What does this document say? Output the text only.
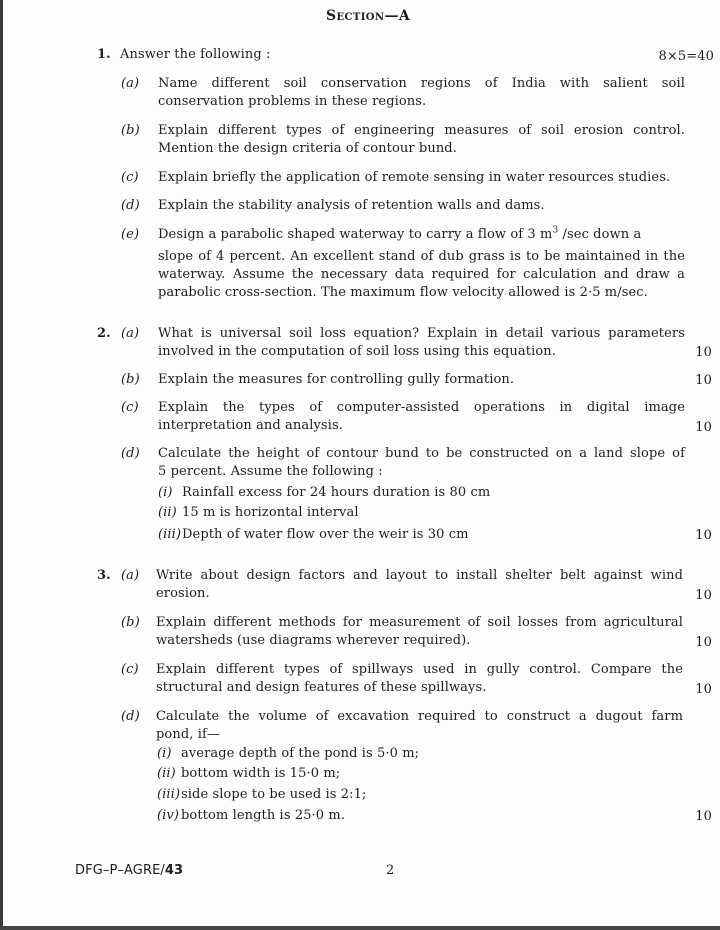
Section—A
1. Answer the following :	8×5=40
(a) Name different soil conservation regions of India with salient soil
conservation problems in these regions.
(b) Explain different types of engineering measures of soil erosion control.
Mention the design criteria of contour bund.
(c) Explain briefly the application of remote sensing in water resources studies.
(d) Explain the stability analysis of retention walls and dams.
(e) Design a parabolic shaped waterway to carry a flow of 3 $m^3$ /sec down a
slope of 4 percent. An excellent stand of dub grass is to be maintained in the
waterway. Assume the necessary data required for calculation and draw a
parabolic cross-section. The maximum flow velocity allowed is 2·5 m/sec.
2. (a) What is universal soil loss equation? Explain in detail various parameters
involved in the computation of soil loss using this equation.	10
(b) Explain the measures for controlling gully formation.	10
(c) Explain the types of computer-assisted operations in digital image
interpretation and analysis.	10
(d) Calculate the height of contour bund to be constructed on a land slope of
5 percent. Assume the following :
(i) Rainfall excess for 24 hours duration is 80 cm
(ii) 15 m is horizontal interval
(iii) Depth of water flow over the weir is 30 cm	10
3. (a) Write about design factors and layout to install shelter belt against wind
erosion.	10
(b) Explain different methods for measurement of soil losses from agricultural
watersheds (use diagrams wherever required).	10
(c) Explain different types of spillways used in gully control. Compare the
structural and design features of these spillways.	10
(d) Calculate the volume of excavation required to construct a dugout farm
pond, if—
(i) average depth of the pond is 5·0 m;
(ii) bottom width is 15·0 m;
(iii) side slope to be used is 2:1;
(iv) bottom length is 25·0 m.	10
DFG–P–AGRE/43	2
